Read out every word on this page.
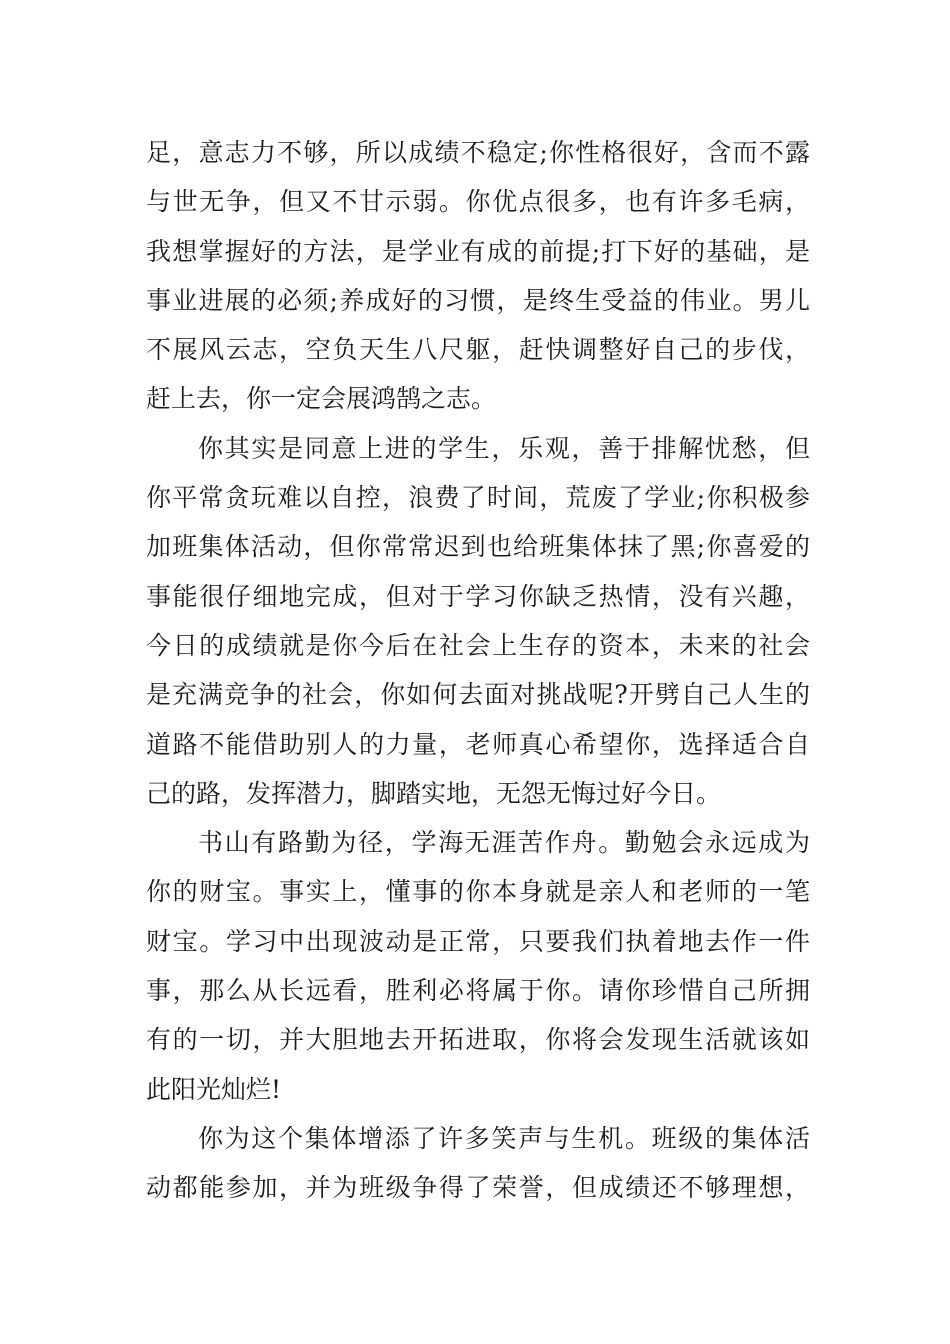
足，意志力不够，所以成绩不稳定;你性格很好，含而不露
与世无争，但又不甘示弱。你优点很多，也有许多毛病，
我想掌握好的方法，是学业有成的前提;打下好的基础，是
事业进展的必须;养成好的习惯，是终生受益的伟业。男儿
不展风云志，空负天生八尺躯，赶快调整好自己的步伐，
赶上去，你一定会展鸿鹄之志。
你其实是同意上进的学生，乐观，善于排解忧愁，但
你平常贪玩难以自控，浪费了时间，荒废了学业;你积极参
加班集体活动，但你常常迟到也给班集体抹了黑;你喜爱的
事能很仔细地完成，但对于学习你缺乏热情，没有兴趣，
今日的成绩就是你今后在社会上生存的资本，未来的社会
是充满竞争的社会，你如何去面对挑战呢?开劈自己人生的
道路不能借助别人的力量，老师真心希望你，选择适合自
己的路，发挥潜力，脚踏实地，无怨无悔过好今日。
书山有路勤为径，学海无涯苦作舟。勤勉会永远成为
你的财宝。事实上，懂事的你本身就是亲人和老师的一笔
财宝。学习中出现波动是正常，只要我们执着地去作一件
事，那么从长远看，胜利必将属于你。请你珍惜自己所拥
有的一切，并大胆地去开拓进取，你将会发现生活就该如
此阳光灿烂!
你为这个集体增添了许多笑声与生机。班级的集体活
动都能参加，并为班级争得了荣誉，但成绩还不够理想，
